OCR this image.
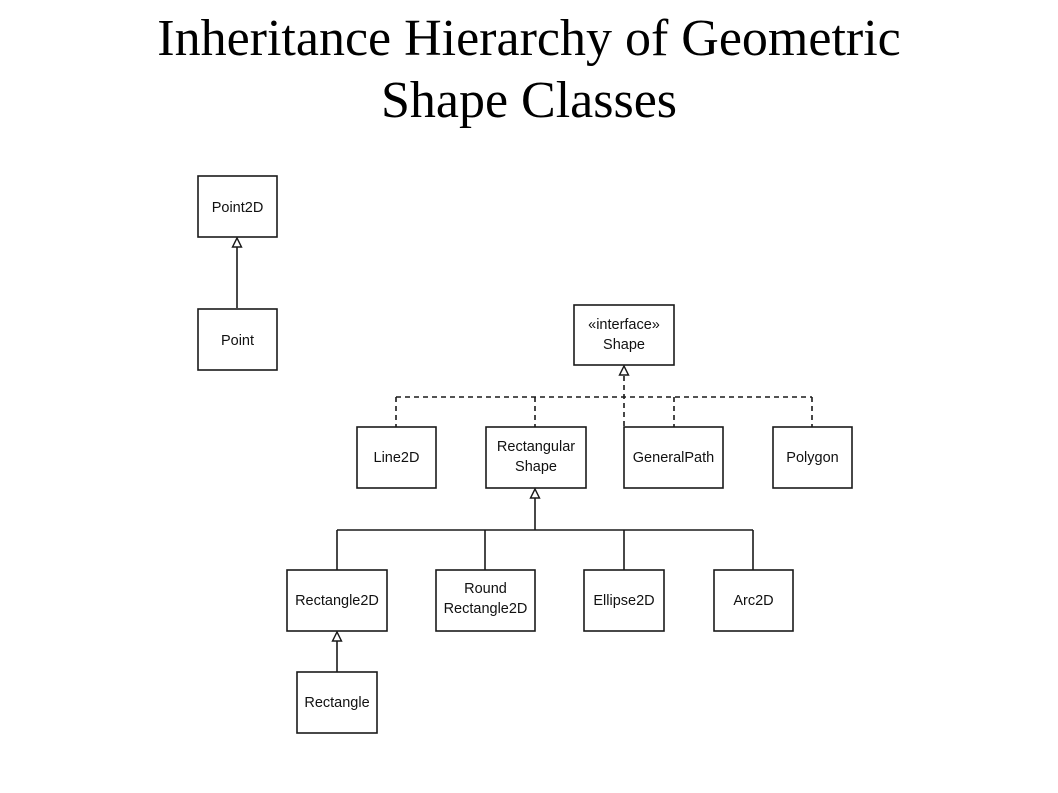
Inheritance Hierarchy of Geometric
Shape Classes
Point2D
Point
«interface»
Shape
Line2D
Rectangular
Shape
GeneralPath	Polygon
Rectangle2D
Round
Rectangle2D	Ellipse2D	Arc2D
Rectangle
